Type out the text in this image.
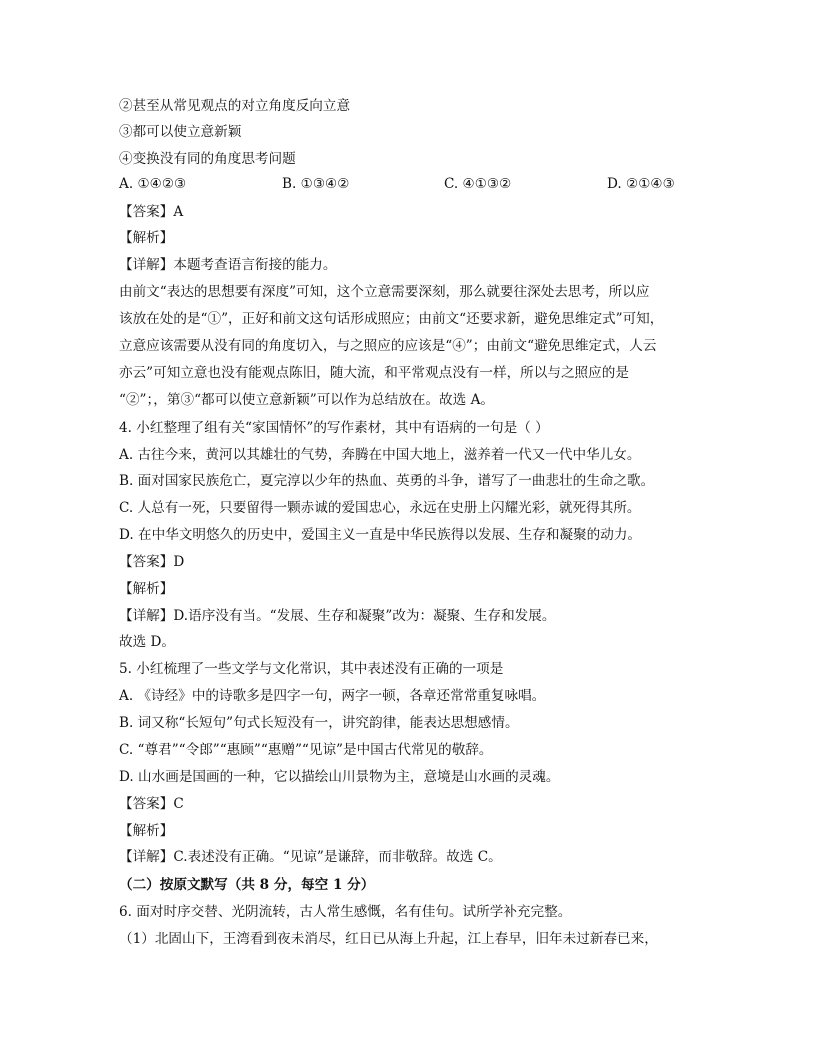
②甚至从常见观点的对立角度反向立意
③都可以使立意新颖
④变换没有同的角度思考问题
A. ①④②③	B. ①③④②	C. ④①③②	D. ②①④③
【答案】A
【解析】
【详解】本题考查语言衔接的能力。
由前文“表达的思想要有深度”可知，这个立意需要深刻，那么就要往深处去思考，所以应
该放在处的是“①”，正好和前文这句话形成照应；由前文“还要求新，避免思维定式”可知，
立意应该需要从没有同的角度切入，与之照应的应该是“④”；由前文“避免思维定式，人云
亦云”可知立意也没有能观点陈旧，随大流，和平常观点没有一样，所以与之照应的是
“②”；，第③“都可以使立意新颖”可以作为总结放在。故选 A。
4. 小红整理了组有关“家国情怀”的写作素材，其中有语病的一句是（ ）
A. 古往今来，黄河以其雄壮的气势，奔腾在中国大地上，滋养着一代又一代中华儿女。
B. 面对国家民族危亡，夏完淳以少年的热血、英勇的斗争，谱写了一曲悲壮的生命之歌。
C. 人总有一死，只要留得一颗赤诚的爱国忠心，永远在史册上闪耀光彩，就死得其所。
D. 在中华文明悠久的历史中，爱国主义一直是中华民族得以发展、生存和凝聚的动力。
【答案】D
【解析】
【详解】D.语序没有当。“发展、生存和凝聚”改为：凝聚、生存和发展。
故选 D。
5. 小红梳理了一些文学与文化常识，其中表述没有正确的一项是
A. 《诗经》中的诗歌多是四字一句，两字一顿，各章还常常重复咏唱。
B. 词又称“长短句”句式长短没有一，讲究韵律，能表达思想感情。
C. “尊君”“令郎”“惠顾”“惠赠”“见谅”是中国古代常见的敬辞。
D. 山水画是国画的一种，它以描绘山川景物为主，意境是山水画的灵魂。
【答案】C
【解析】
【详解】C.表述没有正确。“见谅”是谦辞，而非敬辞。故选 C。
（二）按原文默写（共 8 分，每空 1 分）
6. 面对时序交替、光阴流转，古人常生感慨，名有佳句。试所学补充完整。
（1）北固山下，王湾看到夜未消尽，红日已从海上升起，江上春早，旧年未过新春已来，
